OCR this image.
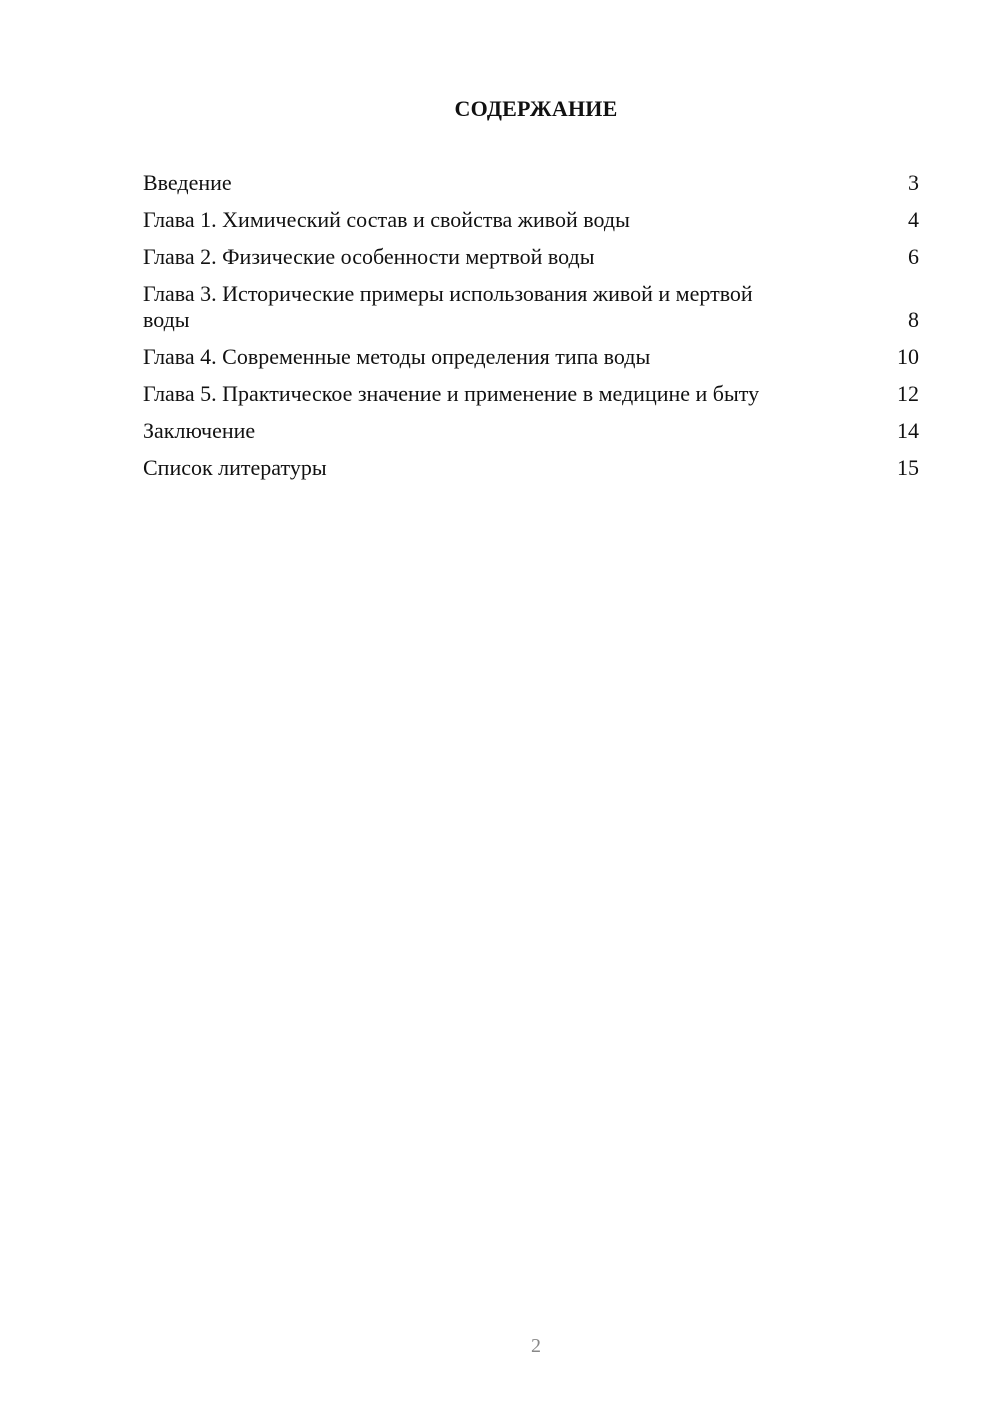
СОДЕРЖАНИЕ
Введение	3
Глава 1. Химический состав и свойства живой воды	4
Глава 2. Физические особенности мертвой воды	6
Глава 3. Исторические примеры использования живой и мертвой воды	8
Глава 4. Современные методы определения типа воды	10
Глава 5. Практическое значение и применение в медицине и быту	12
Заключение	14
Список литературы	15
2
